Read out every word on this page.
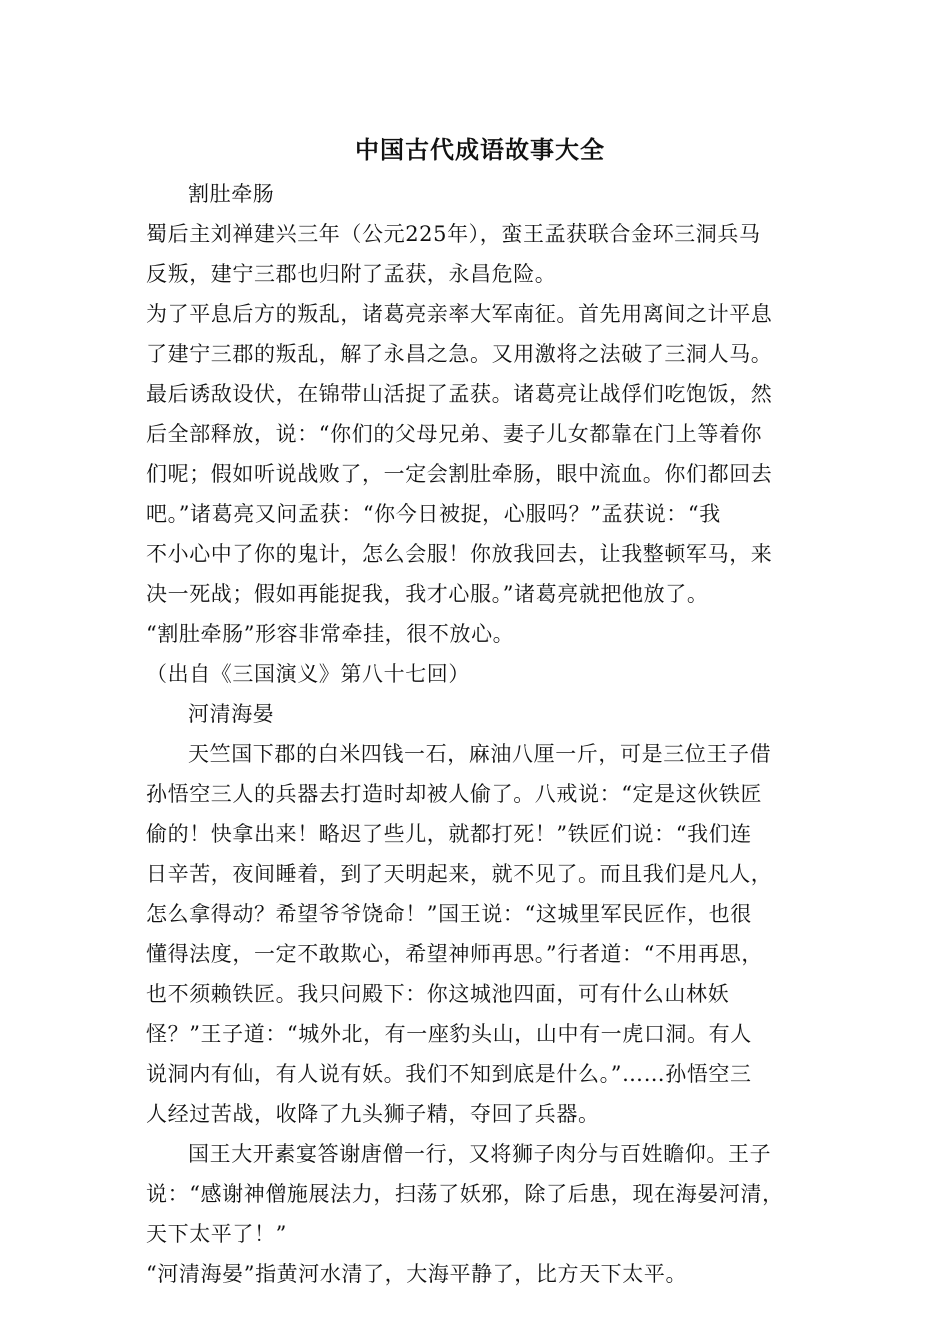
中国古代成语故事大全
割肚牵肠
蜀后主刘禅建兴三年（公元225年），蛮王孟获联合金环三洞兵马
反叛，建宁三郡也归附了孟获，永昌危险。
为了平息后方的叛乱，诸葛亮亲率大军南征。首先用离间之计平息
了建宁三郡的叛乱，解了永昌之急。又用激将之法破了三洞人马。
最后诱敌设伏，在锦带山活捉了孟获。诸葛亮让战俘们吃饱饭，然
后全部释放，说：“你们的父母兄弟、妻子儿女都靠在门上等着你
们呢；假如听说战败了，一定会割肚牵肠，眼中流血。你们都回去
吧。”诸葛亮又问孟获：“你今日被捉，心服吗？”孟获说：“我
不小心中了你的鬼计，怎么会服！你放我回去，让我整顿军马，来
决一死战；假如再能捉我，我才心服。”诸葛亮就把他放了。
“割肚牵肠”形容非常牵挂，很不放心。
（出自《三国演义》第八十七回）
河清海晏
天竺国下郡的白米四钱一石，麻油八厘一斤，可是三位王子借
孙悟空三人的兵器去打造时却被人偷了。八戒说：“定是这伙铁匠
偷的！快拿出来！略迟了些儿，就都打死！”铁匠们说：“我们连
日辛苦，夜间睡着，到了天明起来，就不见了。而且我们是凡人，
怎么拿得动？希望爷爷饶命！”国王说：“这城里军民匠作，也很
懂得法度，一定不敢欺心，希望神师再思。”行者道：“不用再思，
也不须赖铁匠。我只问殿下：你这城池四面，可有什么山林妖
怪？”王子道：“城外北，有一座豹头山，山中有一虎口洞。有人
说洞内有仙，有人说有妖。我们不知到底是什么。”……孙悟空三
人经过苦战，收降了九头狮子精，夺回了兵器。
国王大开素宴答谢唐僧一行，又将狮子肉分与百姓瞻仰。王子
说：“感谢神僧施展法力，扫荡了妖邪，除了后患，现在海晏河清，
天下太平了！”
“河清海晏”指黄河水清了，大海平静了，比方天下太平。
